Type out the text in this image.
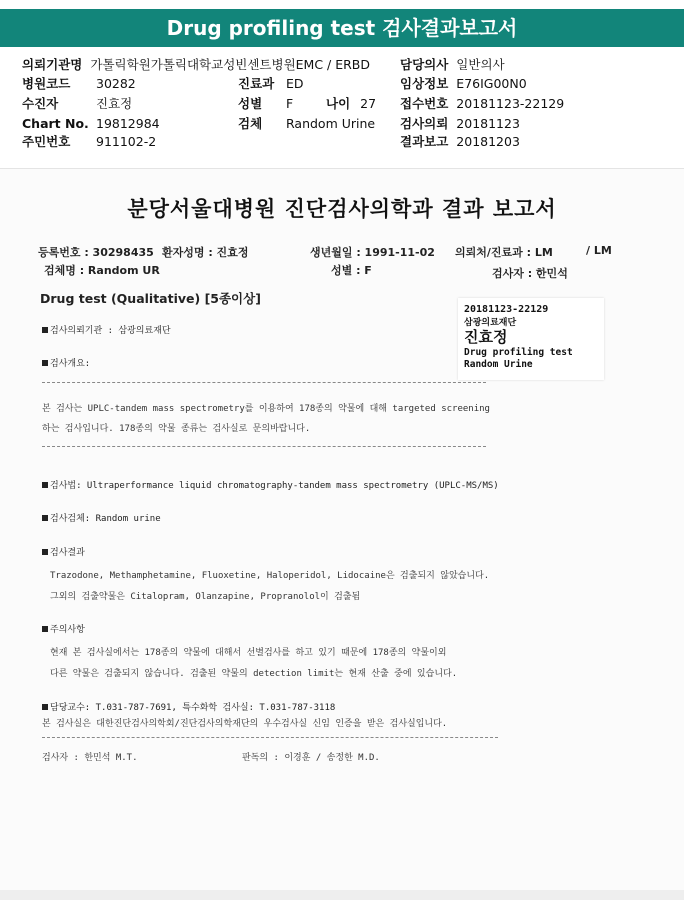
Drug profiling test 검사결과보고서
의뢰기관명 가톨릭학원가톨릭대학교성빈센트병원EMC / ERBD 담당의사 일반의사
병원코드 30282	진료과 ED	임상정보 E76IG00N0
수진자	진효정	성별 F	나이 27 접수번호 20181123-22129
Chart No. 19812984	검체 Random Urine 검사의뢰 20181123
주민번호 911102-2	결과보고 20181203
분당서울대병원 진단검사의학과 결과 보고서
등록번호 : 30298435 환자성명 : 진효정	생년월일 : 1991-11-02 의뢰처/진료과 : LM	/ LM
검체명 : Random UR	성별 : F	검사자 : 한민석
Drug test (Qualitative) [5종이상]
20181123-22129
삼광의료재단
진효정
Drug profiling test
Random Urine
검사의뢰기관 : 삼광의료재단
검사개요:
본 검사는 UPLC-tandem mass spectrometry를 이용하여 178종의 약물에 대해 targeted screening
하는 검사입니다. 178종의 약물 종류는 검사실로 문의바랍니다.
검사법: Ultraperformance liquid chromatography-tandem mass spectrometry (UPLC-MS/MS)
검사검체: Random urine
검사결과
Trazodone, Methamphetamine, Fluoxetine, Haloperidol, Lidocaine은 검출되지 않았습니다.
그외의 검출약물은 Citalopram, Olanzapine, Propranolol이 검출됨
주의사항
현재 본 검사실에서는 178종의 약물에 대해서 선별검사를 하고 있기 때문에 178종의 약물이외
다른 약물은 검출되지 않습니다. 검출된 약물의 detection limit는 현재 산출 중에 있습니다.
담당교수: T.031-787-7691, 특수화학 검사실: T.031-787-3118
본 검사실은 대한진단검사의학회/진단검사의학재단의 우수검사실 신임 인증을 받은 검사실입니다.
검사자 : 한민석 M.T.	판독의 : 이경훈 / 송정한 M.D.
